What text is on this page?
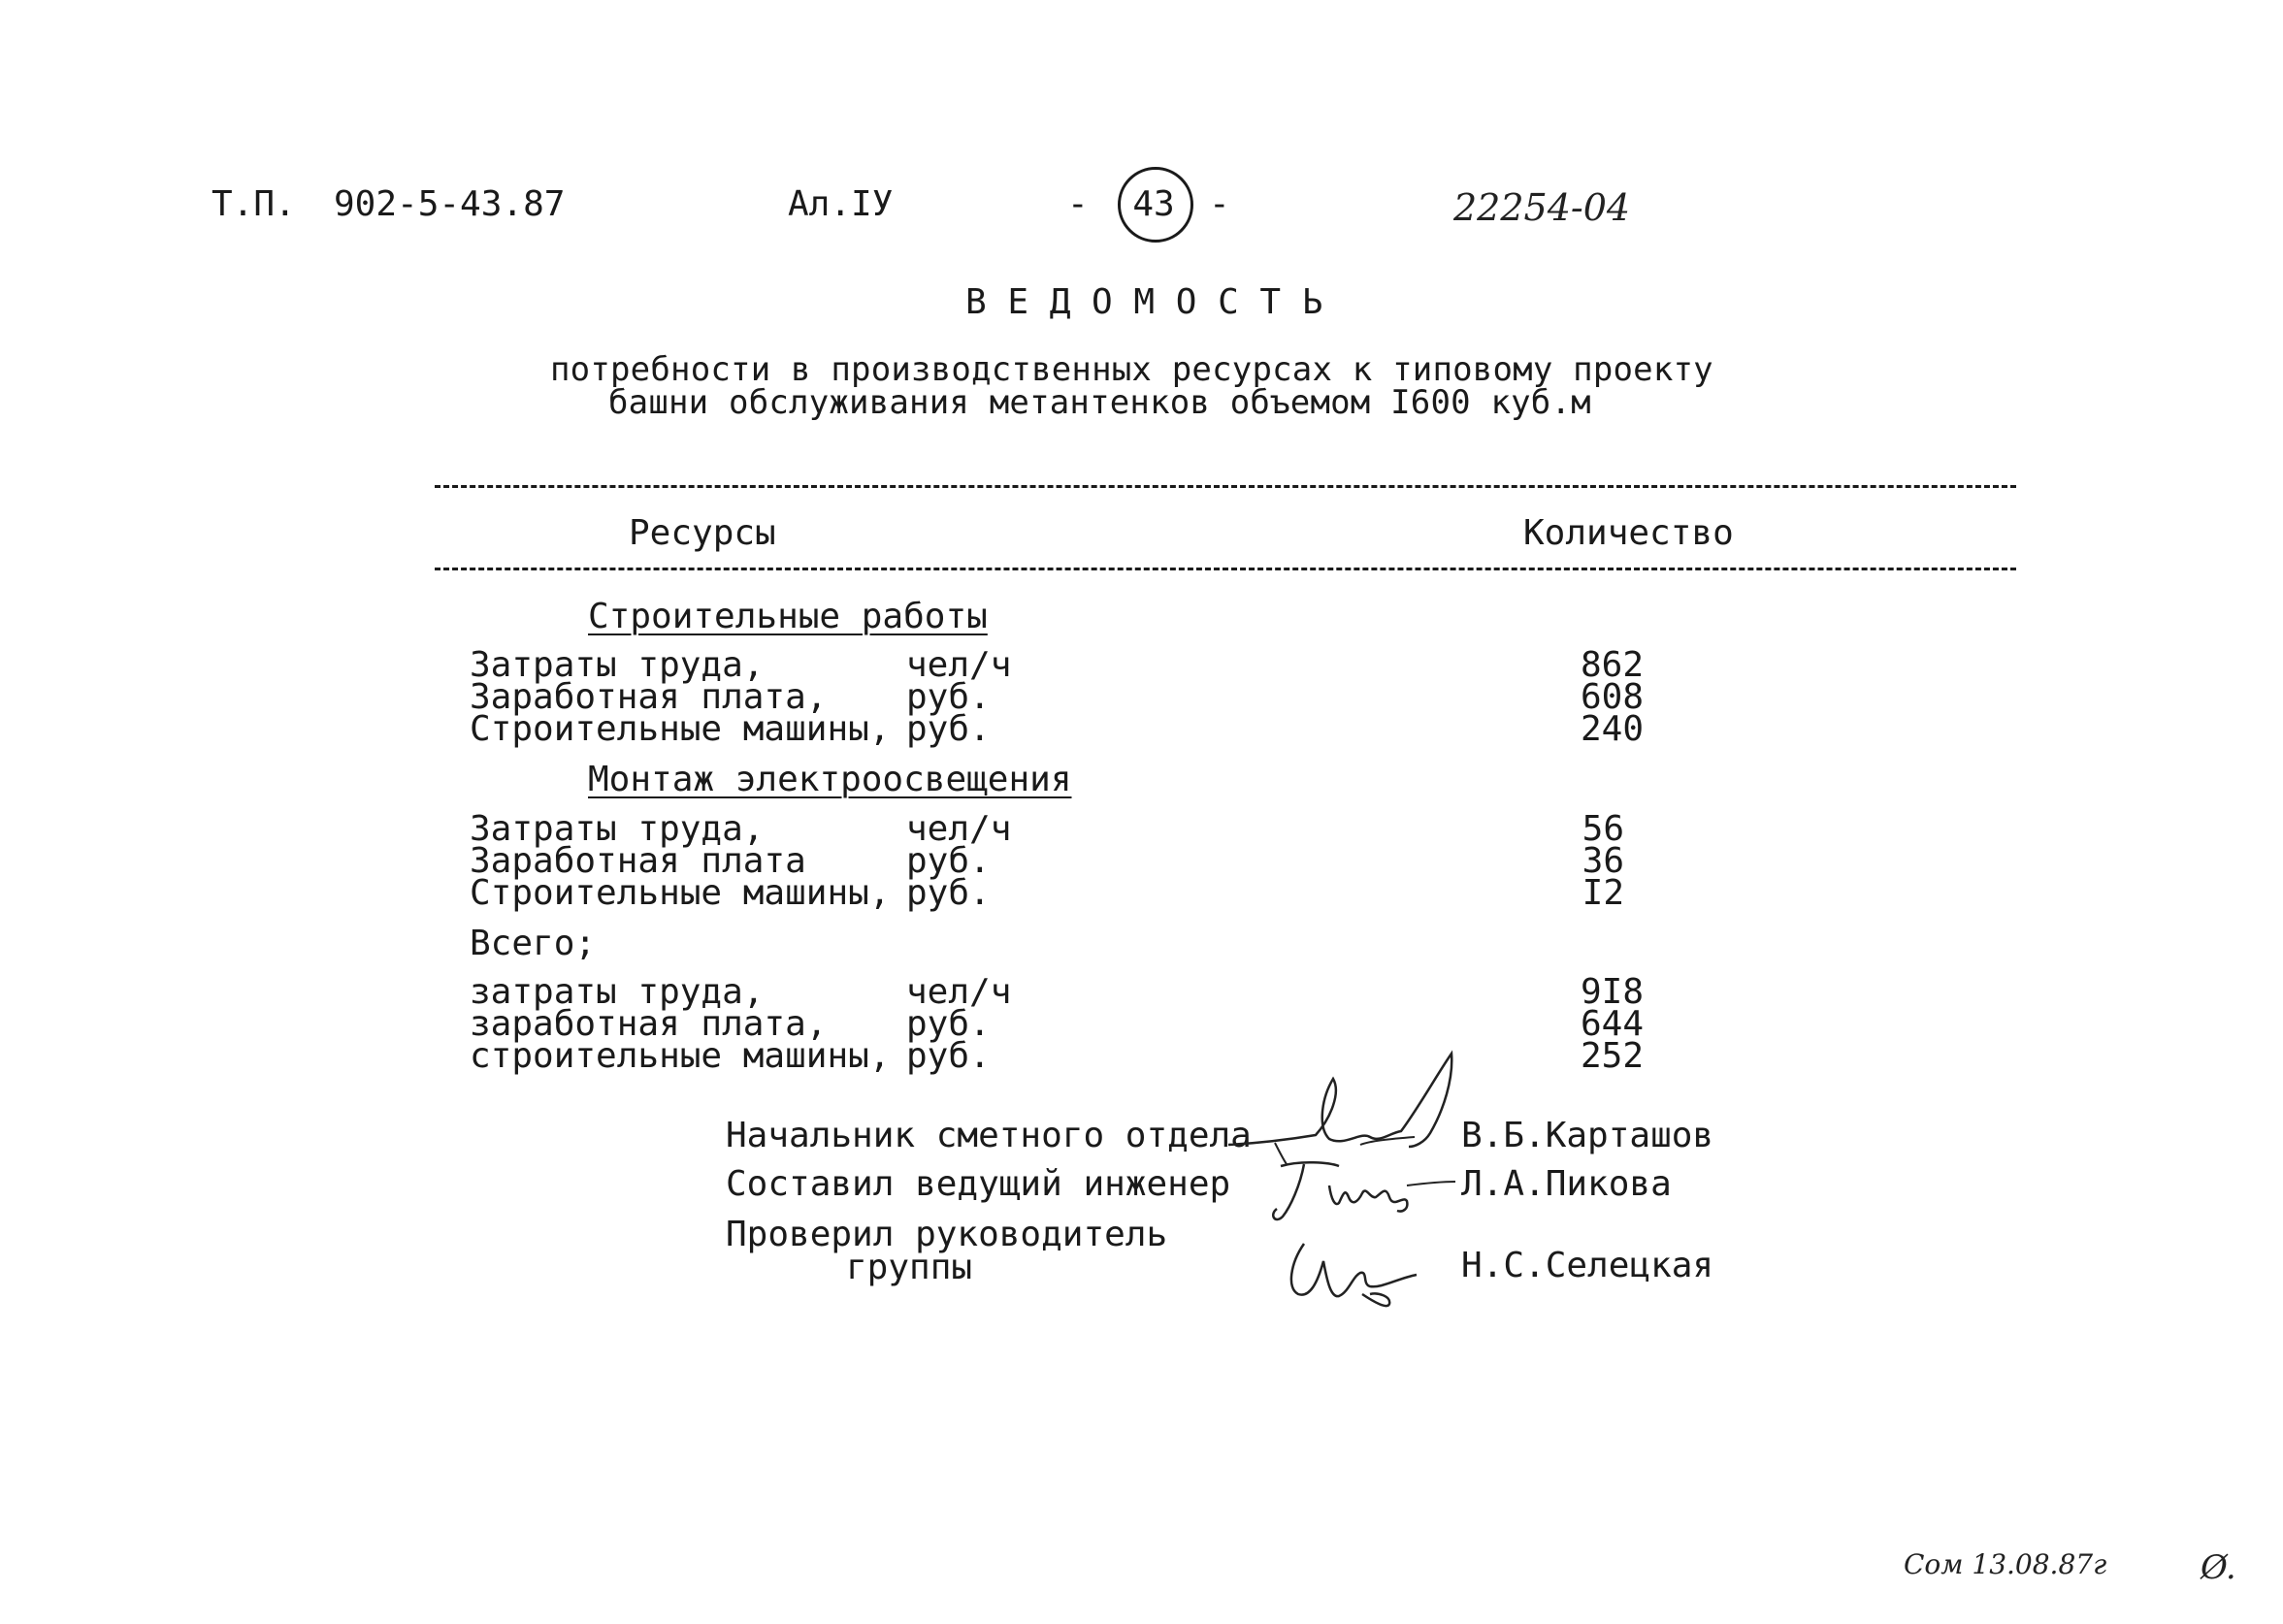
Т.П. 902-5-43.87	Ал.IУ	- 43 -	22254-04
В Е Д О М О С Т Ь
потребности в производственных ресурсах к типовому проекту
башни обслуживания метантенков объемом I600 куб.м
Ресурсы	Количество
Строительные работы
Затраты труда,	чел/ч	862
Заработная плата, руб.	608
Строительные машины, руб.	240
Монтаж электроосвещения
Затраты труда,	чел/ч	56
Заработная плата	руб.	36
Строительные машины, руб.	I2
Всего;
затраты труда,	чел/ч	9I8
заработная плата, руб.	644
строительные машины, руб.	252
Начальник сметного отдела	В.Б.Карташов
Составил ведущий инженер	Л.А.Пикова
Проверил руководитель
группы	Н.С.Селецкая
Сом 13.08.87г	Ø.
